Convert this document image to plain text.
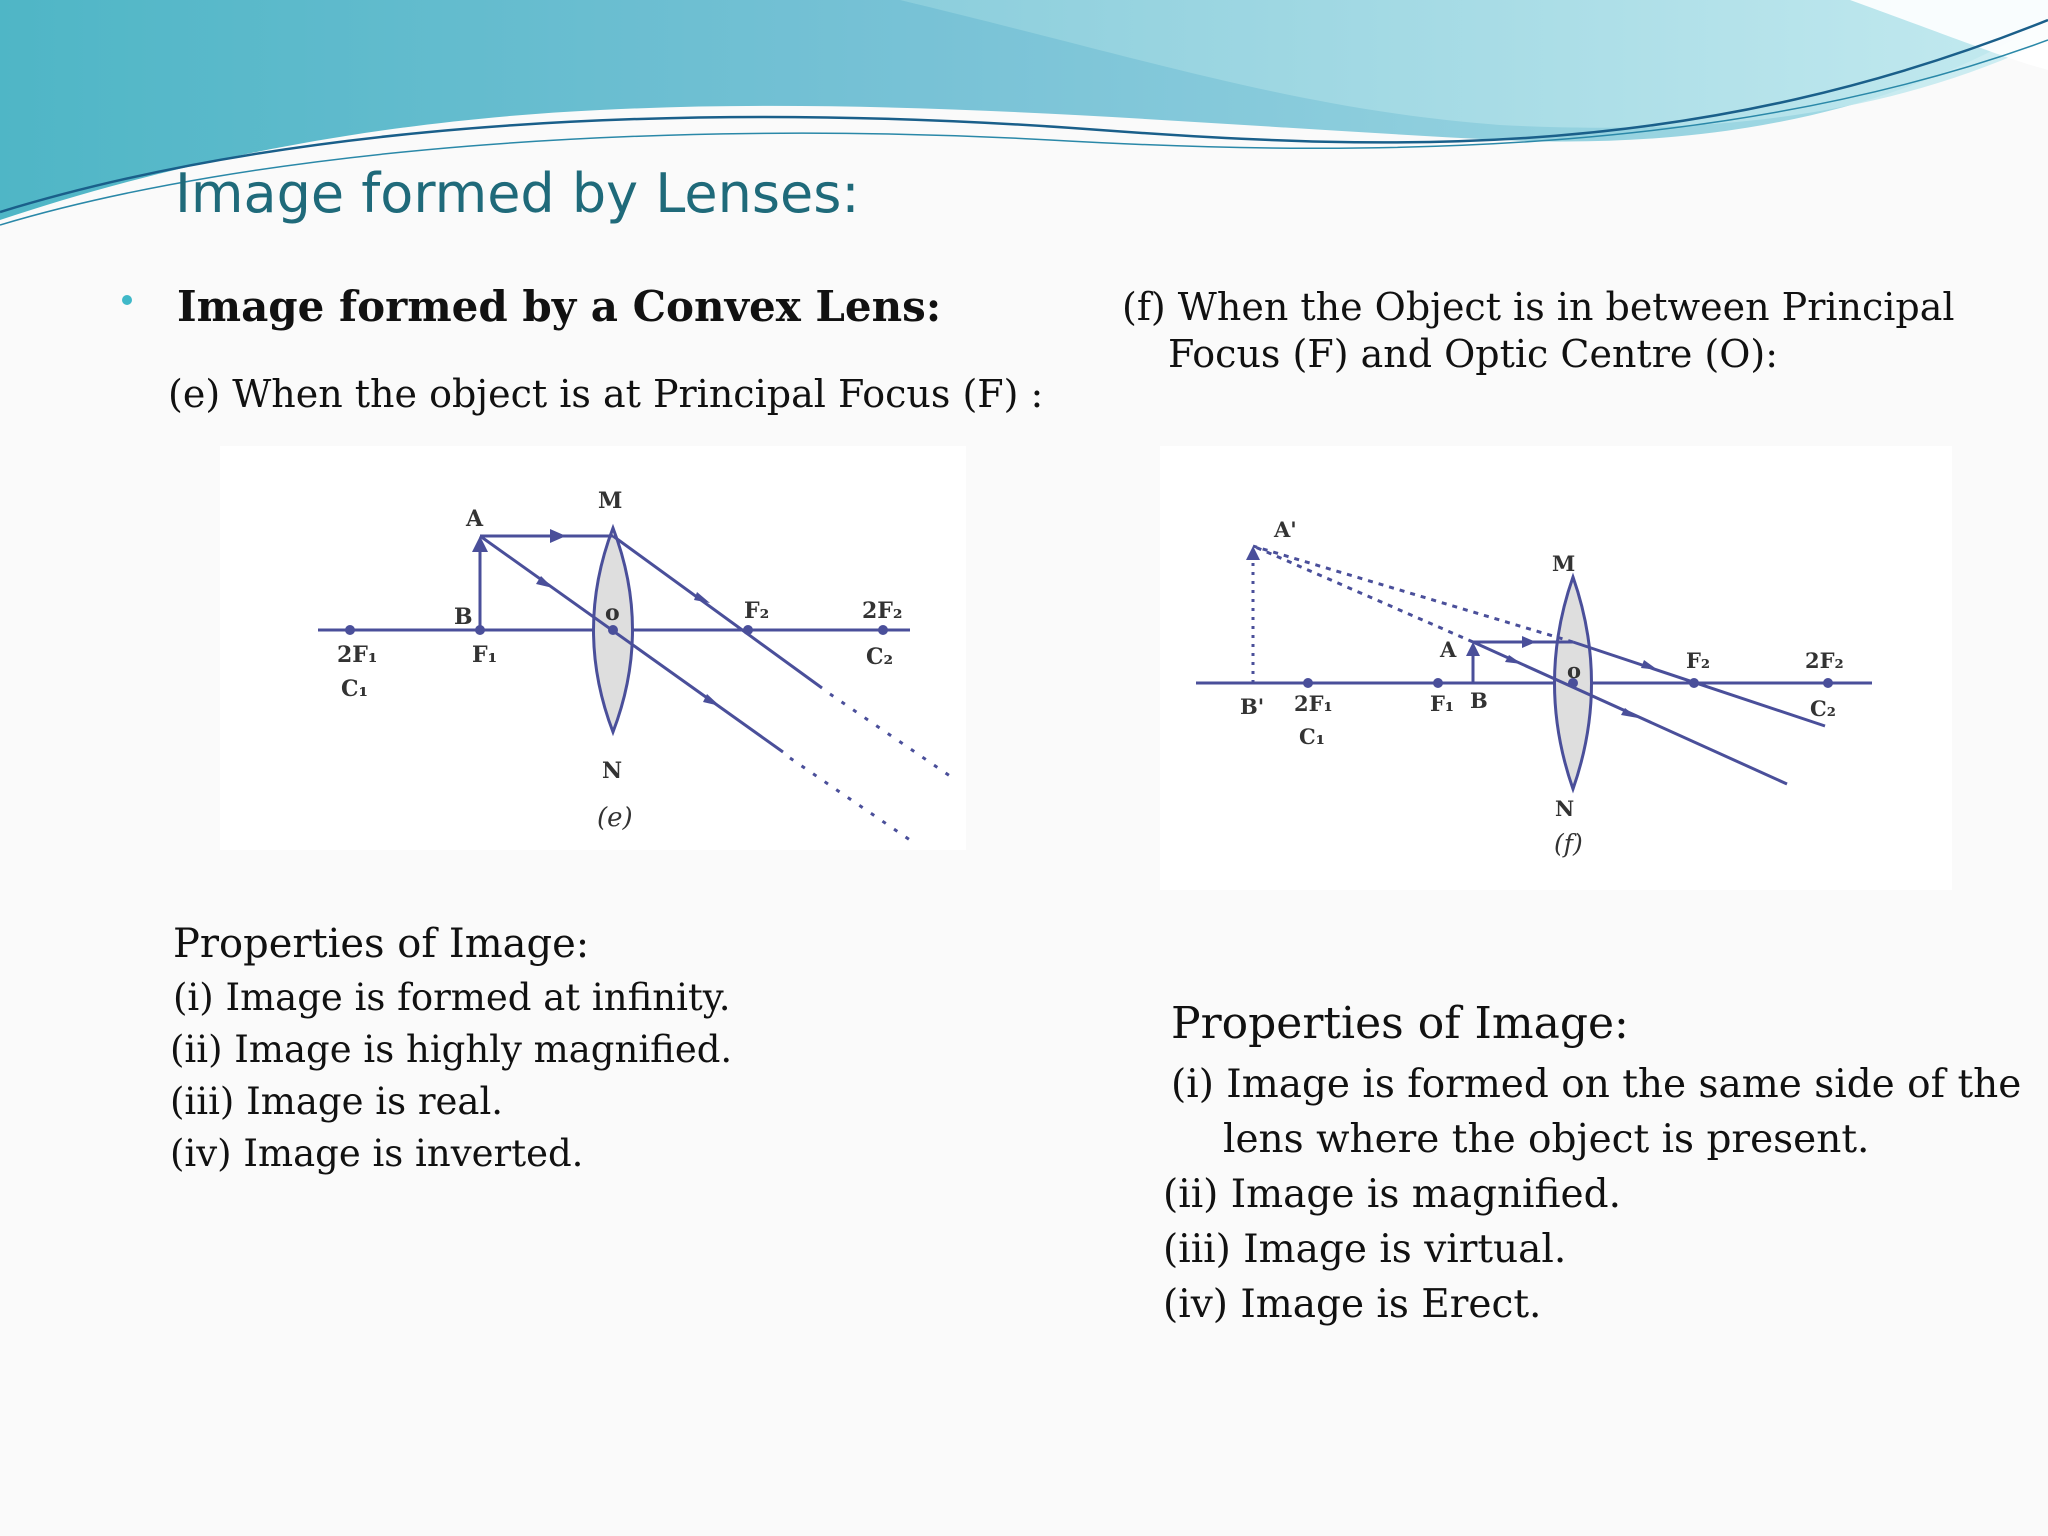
Image formed by Lenses:
Image formed by a Convex Lens:
(e) When the object is at Principal Focus (F) :
(f) When the Object is in between Principal
Focus (F) and Optic Centre (O):
A
B
M
N
o	F₂	2F₂
C₂
2F₁
C₁
F₁
(e)
A'
B'
A
B
M
N
o
2F₁
C₁
F₁
F₂	2F₂
C₂
(f)
Properties of Image:
(i) Image is formed at infinity.
(ii) Image is highly magnified.
(iii) Image is real.
(iv) Image is inverted.
Properties of Image:
(i) Image is formed on the same side of the
lens where the object is present.
(ii) Image is magnified.
(iii) Image is virtual.
(iv) Image is Erect.
